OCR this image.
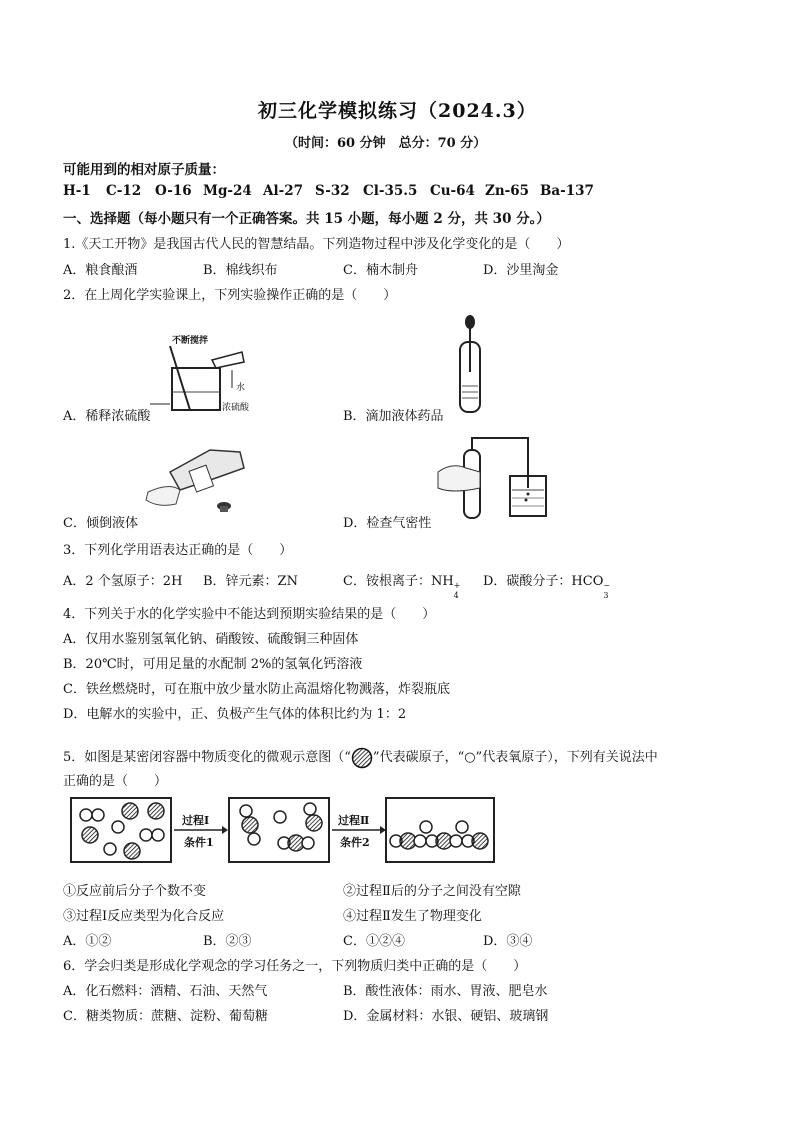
初三化学模拟练习（2024.3）
（时间：60 分钟　总分：70 分）
可能用到的相对原子质量：
H-1 C-12 O-16 Mg-24 Al-27 S-32 Cl-35.5 Cu-64 Zn-65 Ba-137
一、选择题（每小题只有一个正确答案。共 15 小题，每小题 2 分，共 30 分。）
1.《天工开物》是我国古代人民的智慧结晶。下列造物过程中涉及化学变化的是（　　）
A．粮食酿酒	B．棉线织布	C．楠木制舟	D．沙里淘金
2．在上周化学实验课上，下列实验操作正确的是（　　）
不断搅拌
水
浓硫酸
A．稀释浓硫酸	B．滴加液体药品
C．倾倒液体	D．检查气密性
3．下列化学用语表达正确的是（　　）
A．2 个氢原子：2H B．锌元素：ZN	C．铵根离子：NH +
4
D．碳酸分子：HCO −
3
4．下列关于水的化学实验中不能达到预期实验结果的是（　　）
A．仅用水鉴别氢氧化钠、硝酸铵、硫酸铜三种固体
B．20℃时，可用足量的水配制 2%的氢氧化钙溶液
C．铁丝燃烧时，可在瓶中放少量水防止高温熔化物溅落，炸裂瓶底
D．电解水的实验中，正、负极产生气体的体积比约为 1：2
5．如图是某密闭容器中物质变化的微观示意图（“ ”代表碳原子，“○”代表氧原子），下列有关说法中
正确的是（　　）
过程Ⅰ
条件1
过程Ⅱ
条件2
①反应前后分子个数不变	②过程Ⅱ后的分子之间没有空隙
③过程Ⅰ反应类型为化合反应	④过程Ⅱ发生了物理变化
A．①②	B．②③	C．①②④	D．③④
6．学会归类是形成化学观念的学习任务之一，下列物质归类中正确的是（　　）
A．化石燃料：酒精、石油、天然气	B．酸性液体：雨水、胃液、肥皂水
C．糖类物质：蔗糖、淀粉、葡萄糖	D．金属材料：水银、硬铝、玻璃钢
